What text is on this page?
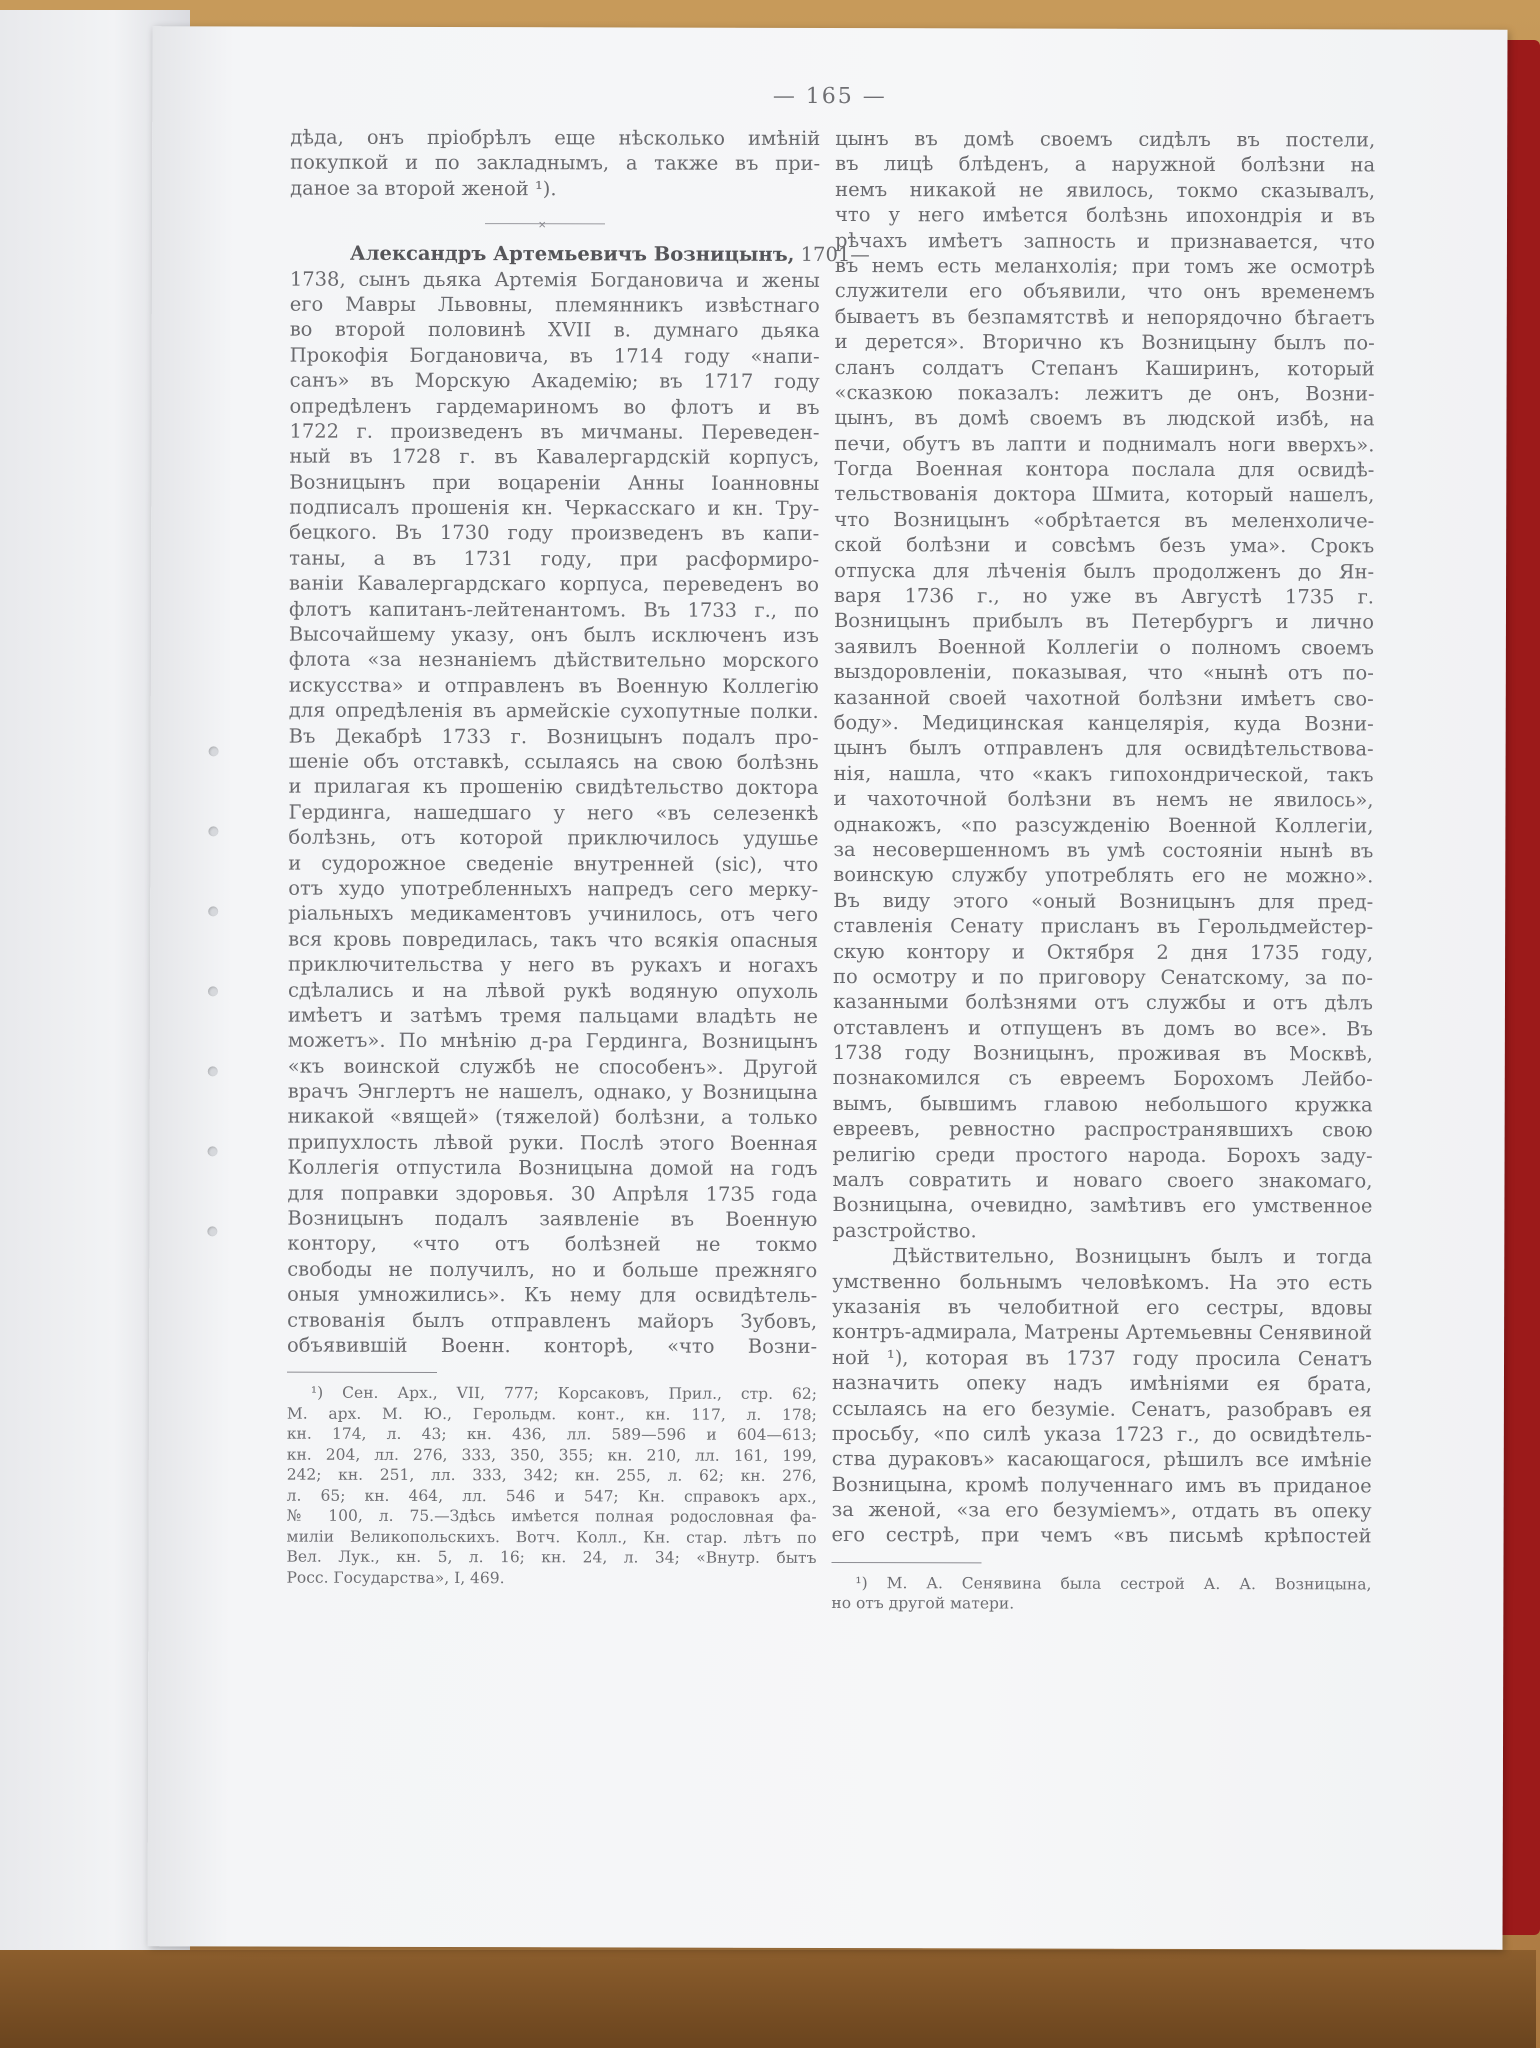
— 165 —
дѣда, онъ пріобрѣлъ еще нѣсколько имѣній
покупкой и по закладнымъ, а также въ при-
даное за второй женой ¹).
✕
Александръ Артемьевичъ Возницынъ, 1701—
1738, сынъ дьяка Артемія Богдановича и жены
его Мавры Львовны, племянникъ извѣстнаго
во второй половинѣ XVII в. думнаго дьяка
Прокофія Богдановича, въ 1714 году «напи-
санъ» въ Морскую Академію; въ 1717 году
опредѣленъ гардемариномъ во флотъ и въ
1722 г. произведенъ въ мичманы. Переведен-
ный въ 1728 г. въ Кавалергардскій корпусъ,
Возницынъ при воцареніи Анны Іоанновны
подписалъ прошенія кн. Черкасскаго и кн. Тру-
бецкого. Въ 1730 году произведенъ въ капи-
таны, а въ 1731 году, при расформиро-
ваніи Кавалергардскаго корпуса, переведенъ во
флотъ капитанъ-лейтенантомъ. Въ 1733 г., по
Высочайшему указу, онъ былъ исключенъ изъ
флота «за незнаніемъ дѣйствительно морского
искусства» и отправленъ въ Военную Коллегію
для опредѣленія въ армейскіе сухопутные полки.
Въ Декабрѣ 1733 г. Возницынъ подалъ про-
шеніе объ отставкѣ, ссылаясь на свою болѣзнь
и прилагая къ прошенію свидѣтельство доктора
Гердинга, нашедшаго у него «въ селезенкѣ
болѣзнь, отъ которой приключилось удушье
и судорожное сведеніе внутренней (sic), что
отъ худо употребленныхъ напредъ сего мерку-
ріальныхъ медикаментовъ учинилось, отъ чего
вся кровь повредилась, такъ что всякія опасныя
приключительства у него въ рукахъ и ногахъ
сдѣлались и на лѣвой рукѣ водяную опухоль
имѣетъ и затѣмъ тремя пальцами владѣть не
можетъ». По мнѣнію д-ра Гердинга, Возницынъ
«къ воинской службѣ не способенъ». Другой
врачъ Энглертъ не нашелъ, однако, у Возницына
никакой «вящей» (тяжелой) болѣзни, а только
припухлость лѣвой руки. Послѣ этого Военная
Коллегія отпустила Возницына домой на годъ
для поправки здоровья. 30 Апрѣля 1735 года
Возницынъ подалъ заявленіе въ Военную
контору, «что отъ болѣзней не токмо
свободы не получилъ, но и больше прежняго
оныя умножились». Къ нему для освидѣтель-
ствованія былъ отправленъ майоръ Зубовъ,
объявившій Военн. конторѣ, «что Возни-
¹) Сен. Арх., VII, 777; Корсаковъ, Прил., стр. 62;
М. арх. М. Ю., Герольдм. конт., кн. 117, л. 178;
кн. 174, л. 43; кн. 436, лл. 589—596 и 604—613;
кн. 204, лл. 276, 333, 350, 355; кн. 210, лл. 161, 199,
242; кн. 251, лл. 333, 342; кн. 255, л. 62; кн. 276,
л. 65; кн. 464, лл. 546 и 547; Кн. справокъ арх.,
№ 100, л. 75.—Здѣсь имѣется полная родословная фа-
миліи Великопольскихъ. Вотч. Колл., Кн. стар. лѣтъ по
Вел. Лук., кн. 5, л. 16; кн. 24, л. 34; «Внутр. бытъ
Росс. Государства», I, 469.
цынъ въ домѣ своемъ сидѣлъ въ постели,
въ лицѣ блѣденъ, а наружной болѣзни на
немъ никакой не явилось, токмо сказывалъ,
что у него имѣется болѣзнь ипохондрія и въ
рѣчахъ имѣетъ запность и признавается, что
въ немъ есть меланхолія; при томъ же осмотрѣ
служители его объявили, что онъ временемъ
бываетъ въ безпамятствѣ и непорядочно бѣгаетъ
и дерется». Вторично къ Возницыну былъ по-
сланъ солдатъ Степанъ Каширинъ, который
«сказкою показалъ: лежитъ де онъ, Возни-
цынъ, въ домѣ своемъ въ людской избѣ, на
печи, обутъ въ лапти и поднималъ ноги вверхъ».
Тогда Военная контора послала для освидѣ-
тельствованія доктора Шмита, который нашелъ,
что Возницынъ «обрѣтается въ меленхоличе-
ской болѣзни и совсѣмъ безъ ума». Срокъ
отпуска для лѣченія былъ продолженъ до Ян-
варя 1736 г., но уже въ Августѣ 1735 г.
Возницынъ прибылъ въ Петербургъ и лично
заявилъ Военной Коллегіи о полномъ своемъ
выздоровленіи, показывая, что «нынѣ отъ по-
казанной своей чахотной болѣзни имѣетъ сво-
боду». Медицинская канцелярія, куда Возни-
цынъ былъ отправленъ для освидѣтельствова-
нія, нашла, что «какъ гипохондрической, такъ
и чахоточной болѣзни въ немъ не явилось»,
однакожъ, «по разсужденію Военной Коллегіи,
за несовершенномъ въ умѣ состояніи нынѣ въ
воинскую службу употреблять его не можно».
Въ виду этого «оный Возницынъ для пред-
ставленія Сенату присланъ въ Герольдмейстер-
скую контору и Октября 2 дня 1735 году,
по осмотру и по приговору Сенатскому, за по-
казанными болѣзнями отъ службы и отъ дѣлъ
отставленъ и отпущенъ въ домъ во все». Въ
1738 году Возницынъ, проживая въ Москвѣ,
познакомился съ евреемъ Борохомъ Лейбо-
вымъ, бывшимъ главою небольшого кружка
евреевъ, ревностно распространявшихъ свою
религію среди простого народа. Борохъ заду-
малъ совратить и новаго своего знакомаго,
Возницына, очевидно, замѣтивъ его умственное
разстройство.
Дѣйствительно, Возницынъ былъ и тогда
умственно больнымъ человѣкомъ. На это есть
указанія въ челобитной его сестры, вдовы
контръ-адмирала, Матрены Артемьевны Сенявиной
ной ¹), которая въ 1737 году просила Сенатъ
назначить опеку надъ имѣніями ея брата,
ссылаясь на его безуміе. Сенатъ, разобравъ ея
просьбу, «по силѣ указа 1723 г., до освидѣтель-
ства дураковъ» касающагося, рѣшилъ все имѣніе
Возницына, кромѣ полученнаго имъ въ приданое
за женой, «за его безуміемъ», отдать въ опеку
его сестрѣ, при чемъ «въ письмѣ крѣпостей
¹) М. А. Сенявина была сестрой А. А. Возницына,
но отъ другой матери.
